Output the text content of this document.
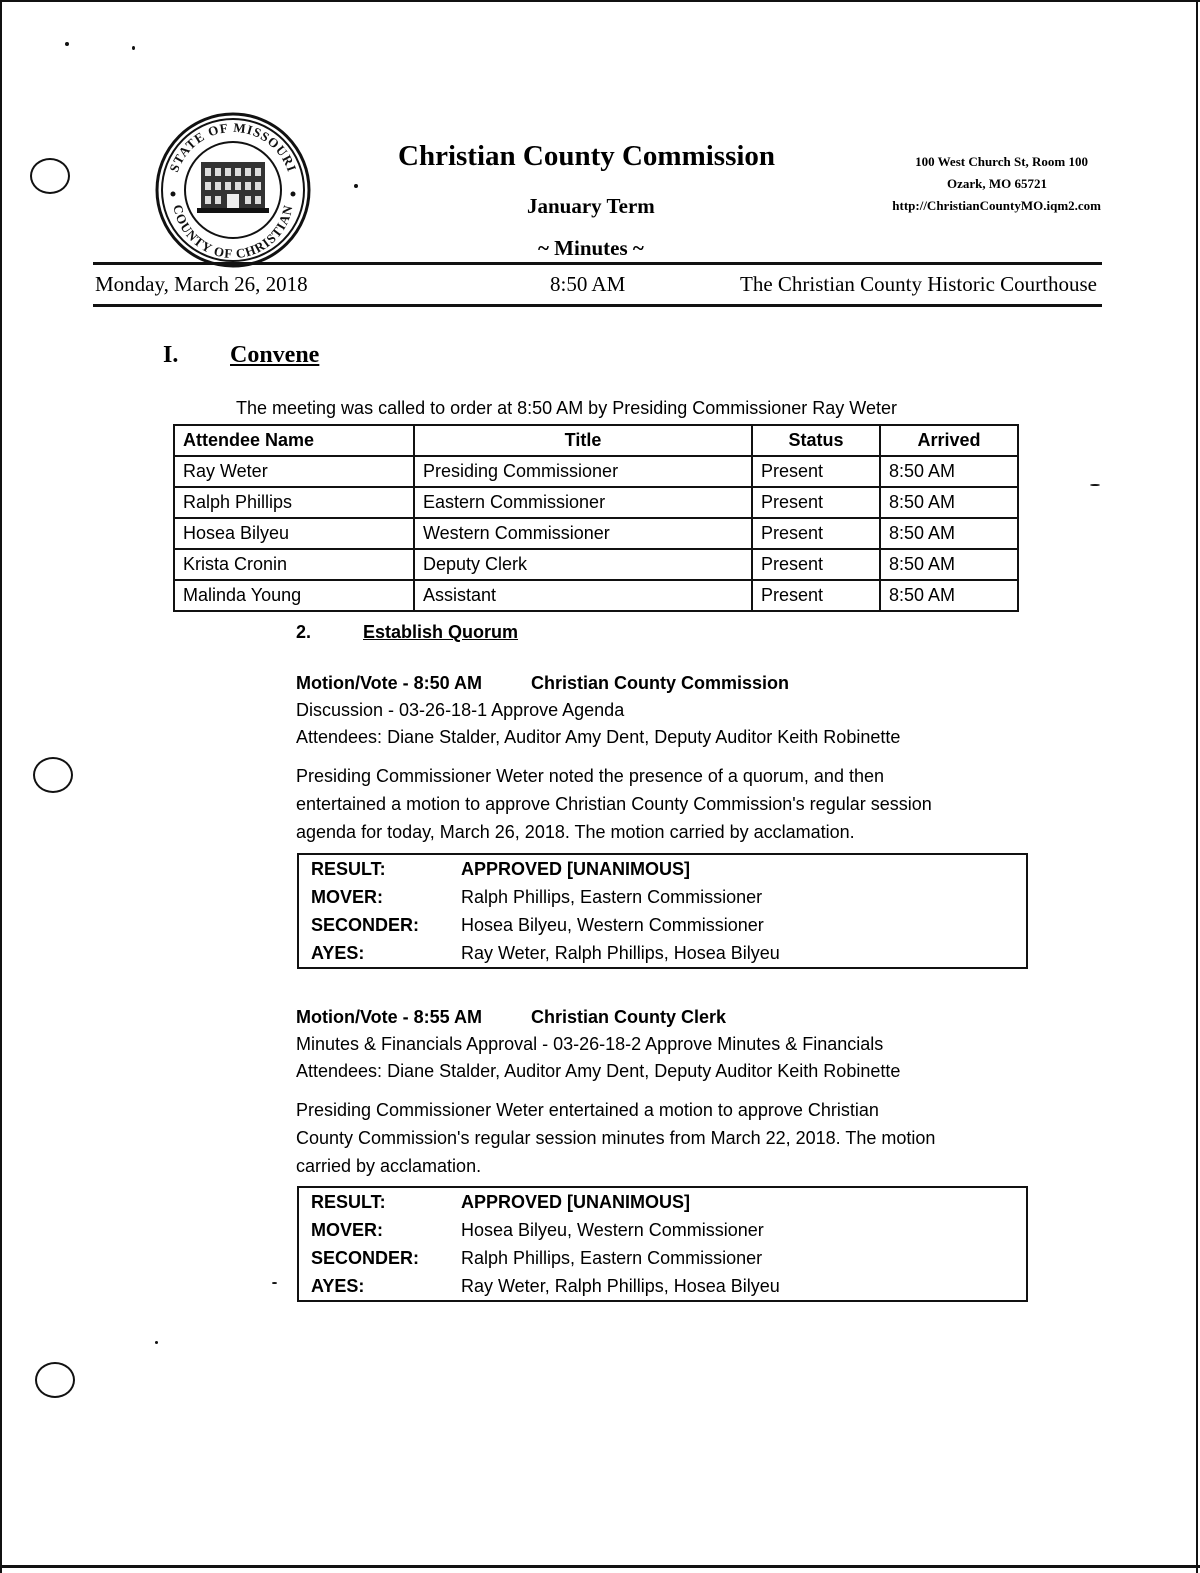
STATE OF MISSOURI
COUNTY OF CHRISTIAN
Christian County Commission
January Term
~ Minutes ~
100 West Church St, Room 100
Ozark, MO 65721
http://ChristianCountyMO.iqm2.com
Monday, March 26, 2018	8:50 AM	The Christian County Historic Courthouse
I. Convene
The meeting was called to order at 8:50 AM by Presiding Commissioner Ray Weter
Attendee Name	Title	Status	Arrived
Ray Weter	Presiding Commissioner	Present	8:50 AM
Ralph Phillips	Eastern Commissioner	Present	8:50 AM
Hosea Bilyeu	Western Commissioner	Present	8:50 AM
Krista Cronin	Deputy Clerk	Present	8:50 AM
Malinda Young	Assistant	Present	8:50 AM
2.	Establish Quorum
Motion/Vote - 8:50 AM	Christian County Commission
Discussion - 03-26-18-1 Approve Agenda
Attendees: Diane Stalder, Auditor Amy Dent, Deputy Auditor Keith Robinette
Presiding Commissioner Weter noted the presence of a quorum, and then
entertained a motion to approve Christian County Commission's regular session
agenda for today, March 26, 2018. The motion carried by acclamation.
RESULT:	APPROVED [UNANIMOUS]
MOVER:	Ralph Phillips, Eastern Commissioner
SECONDER:	Hosea Bilyeu, Western Commissioner
AYES:	Ray Weter, Ralph Phillips, Hosea Bilyeu
Motion/Vote - 8:55 AM	Christian County Clerk
Minutes & Financials Approval - 03-26-18-2 Approve Minutes & Financials
Attendees: Diane Stalder, Auditor Amy Dent, Deputy Auditor Keith Robinette
Presiding Commissioner Weter entertained a motion to approve Christian
County Commission's regular session minutes from March 22, 2018. The motion
carried by acclamation.
RESULT:	APPROVED [UNANIMOUS]
MOVER:	Hosea Bilyeu, Western Commissioner
SECONDER:	Ralph Phillips, Eastern Commissioner
AYES:	Ray Weter, Ralph Phillips, Hosea Bilyeu
